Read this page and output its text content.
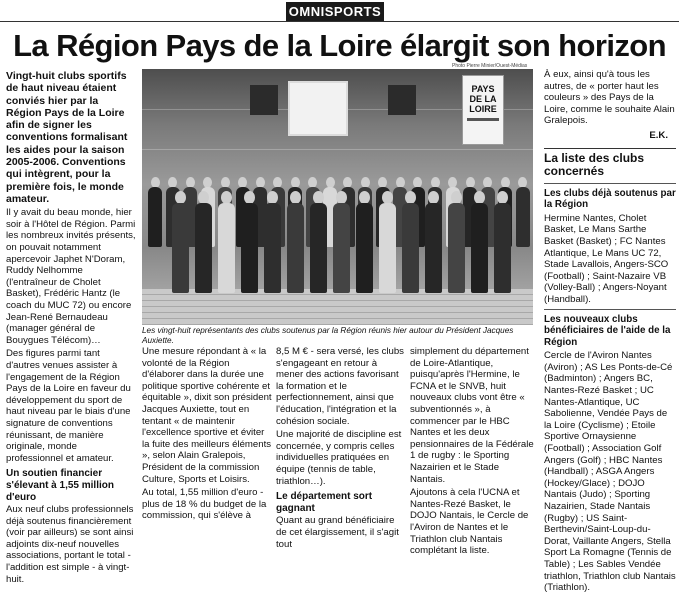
OMNISPORTS
La Région Pays de la Loire élargit son horizon
Photo Pierre Minier/Ouest-Médias

Vingt-huit clubs sportifs de haut niveau étaient conviés hier par la Région Pays de la Loire afin de signer les conventions formalisant les aides pour la saison 2005-2006. Conventions qui intègrent, pour la première fois, le monde amateur.

Il y avait du beau monde, hier soir à l'Hôtel de Région. Parmi les nombreux invités présents, on pouvait notamment apercevoir Japhet N'Doram, Ruddy Nelhomme (l'entraîneur de Cholet Basket), Frédéric Hantz (le coach du MUC 72) ou encore Jean-René Bernaudeau (manager général de Bouygues Télécom)…

Des figures parmi tant d'autres venues assister à l'engagement de la Région Pays de la Loire en faveur du développement du sport de haut niveau par le biais d'une signature de conventions réunissant, de manière originale, monde professionnel et amateur.

Un soutien financier s'élevant à 1,55 million d'euro

Aux neuf clubs professionnels déjà soutenus financièrement (voir par ailleurs) se sont ainsi adjoints dix-neuf nouvelles associations, portant le total - l'addition est simple - à vingt-huit.

PAYS
DE LA
LOIRE
Les vingt-huit représentants des clubs soutenus par la Région réunis hier autour du Président Jacques Auxiette.

Une mesure répondant à « la volonté de la Région d'élaborer dans la durée une politique sportive cohérente et équitable », dixit son président Jacques Auxiette, tout en tentant « de maintenir l'excellence sportive et éviter la fuite des meilleurs éléments », selon Alain Gralepois, Président de la commission Culture, Sports et Loisirs.

Au total, 1,55 million d'euro - plus de 18 % du budget de la commission, qui s'élève à

8,5 M € - sera versé, les clubs s'engageant en retour à mener des actions favorisant la formation et le perfectionnement, ainsi que l'éducation, l'intégration et la cohésion sociale.

Une majorité de discipline est concernée, y compris celles individuelles pratiquées en équipe (tennis de table, triathlon…).

Le département sort gagnant

Quant au grand bénéficiaire de cet élargissement, il s'agit tout

simplement du département de Loire-Atlantique, puisqu'après l'Hermine, le FCNA et le SNVB, huit nouveaux clubs vont être « subventionnés », à commencer par le HBC Nantes et les deux pensionnaires de la Fédérale 1 de rugby : le Sporting Nazairien et le Stade Nantais.

Ajoutons à cela l'UCNA et Nantes-Rezé Basket, le DOJO Nantais, le Cercle de l'Aviron de Nantes et le Triathlon club Nantais complétant la liste.

À eux, ainsi qu'à tous les autres, de « porter haut les couleurs » des Pays de la Loire, comme le souhaite Alain Gralepois.

E.K.
La liste des clubs concernés
Les clubs déjà soutenus par la Région

Hermine Nantes, Cholet Basket, Le Mans Sarthe Basket (Basket) ; FC Nantes Atlantique, Le Mans UC 72, Stade Lavallois, Angers-SCO (Football) ; Saint-Nazaire VB (Volley-Ball) ; Angers-Noyant (Handball).

Les nouveaux clubs bénéficiaires de l'aide de la Région

Cercle de l'Aviron Nantes (Aviron) ; AS Les Ponts-de-Cé (Badminton) ; Angers BC, Nantes-Rezé Basket ; UC Nantes-Atlantique, UC Sabolienne, Vendée Pays de la Loire (Cyclisme) ; Etoile Sportive Ornaysienne (Football) ; Association Golf Angers (Golf) ; HBC Nantes (Handball) ; ASGA Angers (Hockey/Glace) ; DOJO Nantais (Judo) ; Sporting Nazairien, Stade Nantais (Rugby) ; US Saint-Berthevin/Saint-Loup-du-Dorat, Vaillante Angers, Stella Sport La Romagne (Tennis de Table) ; Les Sables Vendée triathlon, Triathlon club Nantais (Triathlon).
